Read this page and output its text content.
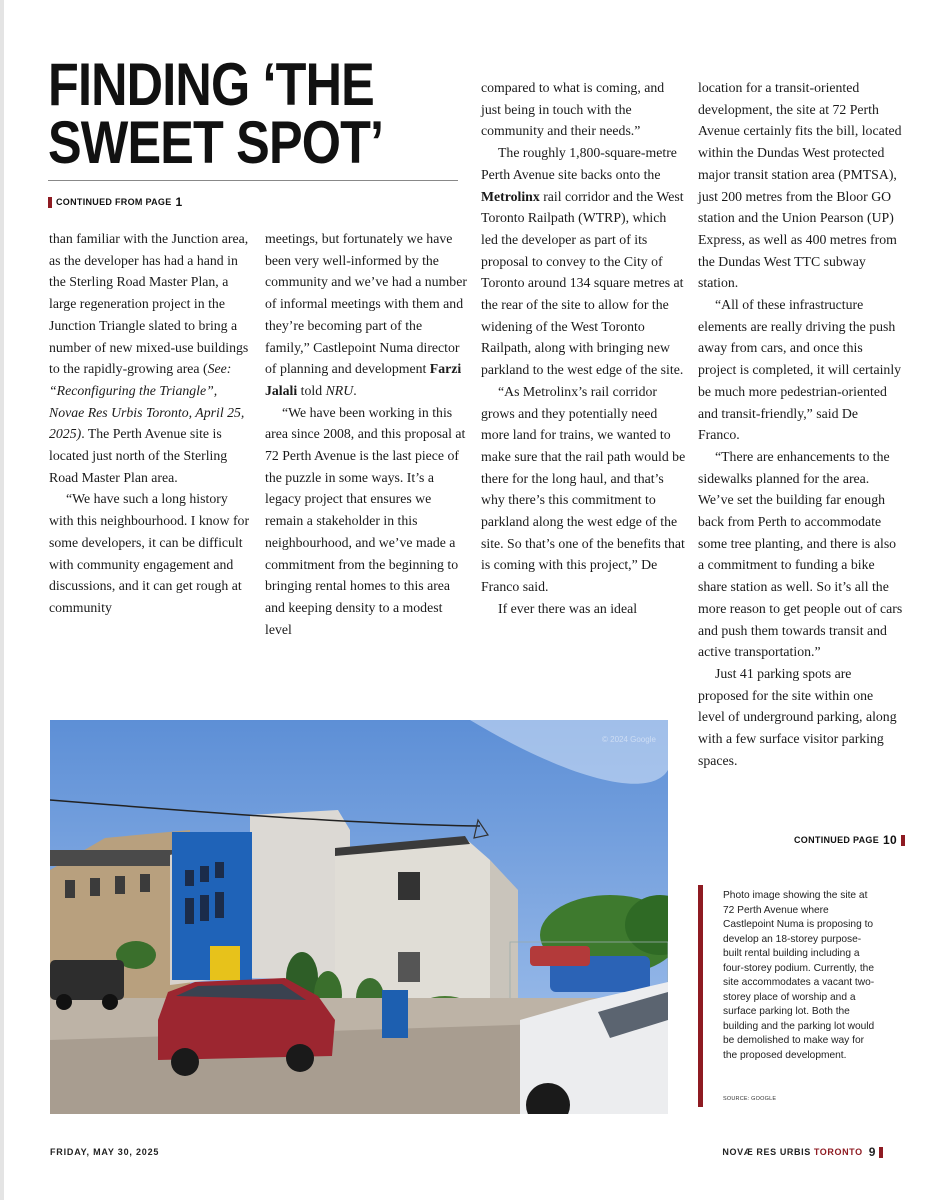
FINDING ‘THE
SWEET SPOT’
CONTINUED FROM PAGE 1

than familiar with the Junction area, as the developer has had a hand in the Sterling Road Master Plan, a large regeneration project in the Junction Triangle slated to bring a number of new mixed-use buildings to the rapidly-growing area (See: “Reconfiguring the Triangle”, Novae Res Urbis Toronto, April 25, 2025). The Perth Avenue site is located just north of the Sterling Road Master Plan area.

“We have such a long history with this neighbourhood. I know for some developers, it can be difficult with community engagement and discussions, and it can get rough at community

meetings, but fortunately we have been very well-informed by the community and we’ve had a number of informal meetings with them and they’re becoming part of the family,” Castlepoint Numa director of planning and development Farzi Jalali told NRU.

“We have been working in this area since 2008, and this proposal at 72 Perth Avenue is the last piece of the puzzle in some ways. It’s a legacy project that ensures we remain a stakeholder in this neighbourhood, and we’ve made a commitment from the beginning to bringing rental homes to this area and keeping density to a modest level

compared to what is coming, and just being in touch with the community and their needs.”

The roughly 1,800-square-metre Perth Avenue site backs onto the Metrolinx rail corridor and the West Toronto Railpath (WTRP), which led the developer as part of its proposal to convey to the City of Toronto around 134 square metres at the rear of the site to allow for the widening of the West Toronto Railpath, along with bringing new parkland to the west edge of the site.

“As Metrolinx’s rail corridor grows and they potentially need more land for trains, we wanted to make sure that the rail path would be there for the long haul, and that’s why there’s this commitment to parkland along the west edge of the site. So that’s one of the benefits that is coming with this project,” De Franco said.

If ever there was an ideal

location for a transit-oriented development, the site at 72 Perth Avenue certainly fits the bill, located within the Dundas West protected major transit station area (PMTSA), just 200 metres from the Bloor GO station and the Union Pearson (UP) Express, as well as 400 metres from the Dundas West TTC subway station.

“All of these infrastructure elements are really driving the push away from cars, and once this project is completed, it will certainly be much more pedestrian-oriented and transit-friendly,” said De Franco.

“There are enhancements to the sidewalks planned for the area. We’ve set the building far enough back from Perth to accommodate some tree planting, and there is also a commitment to funding a bike share station as well. So it’s all the more reason to get people out of cars and push them towards transit and active transportation.”

Just 41 parking spots are proposed for the site within one level of underground parking, along with a few surface visitor parking spaces.

CONTINUED PAGE 10
© 2024 Google

Photo image showing the site at 72 Perth Avenue where Castlepoint Numa is proposing to develop an 18-storey purpose-built rental building including a four-storey podium. Currently, the site accommodates a vacant two-storey place of worship and a surface parking lot. Both the building and the parking lot would be demolished to make way for the proposed development.

SOURCE: GOOGLE
FRIDAY, MAY 30, 2025	NOVÆ RES URBIS TORONTO 9
